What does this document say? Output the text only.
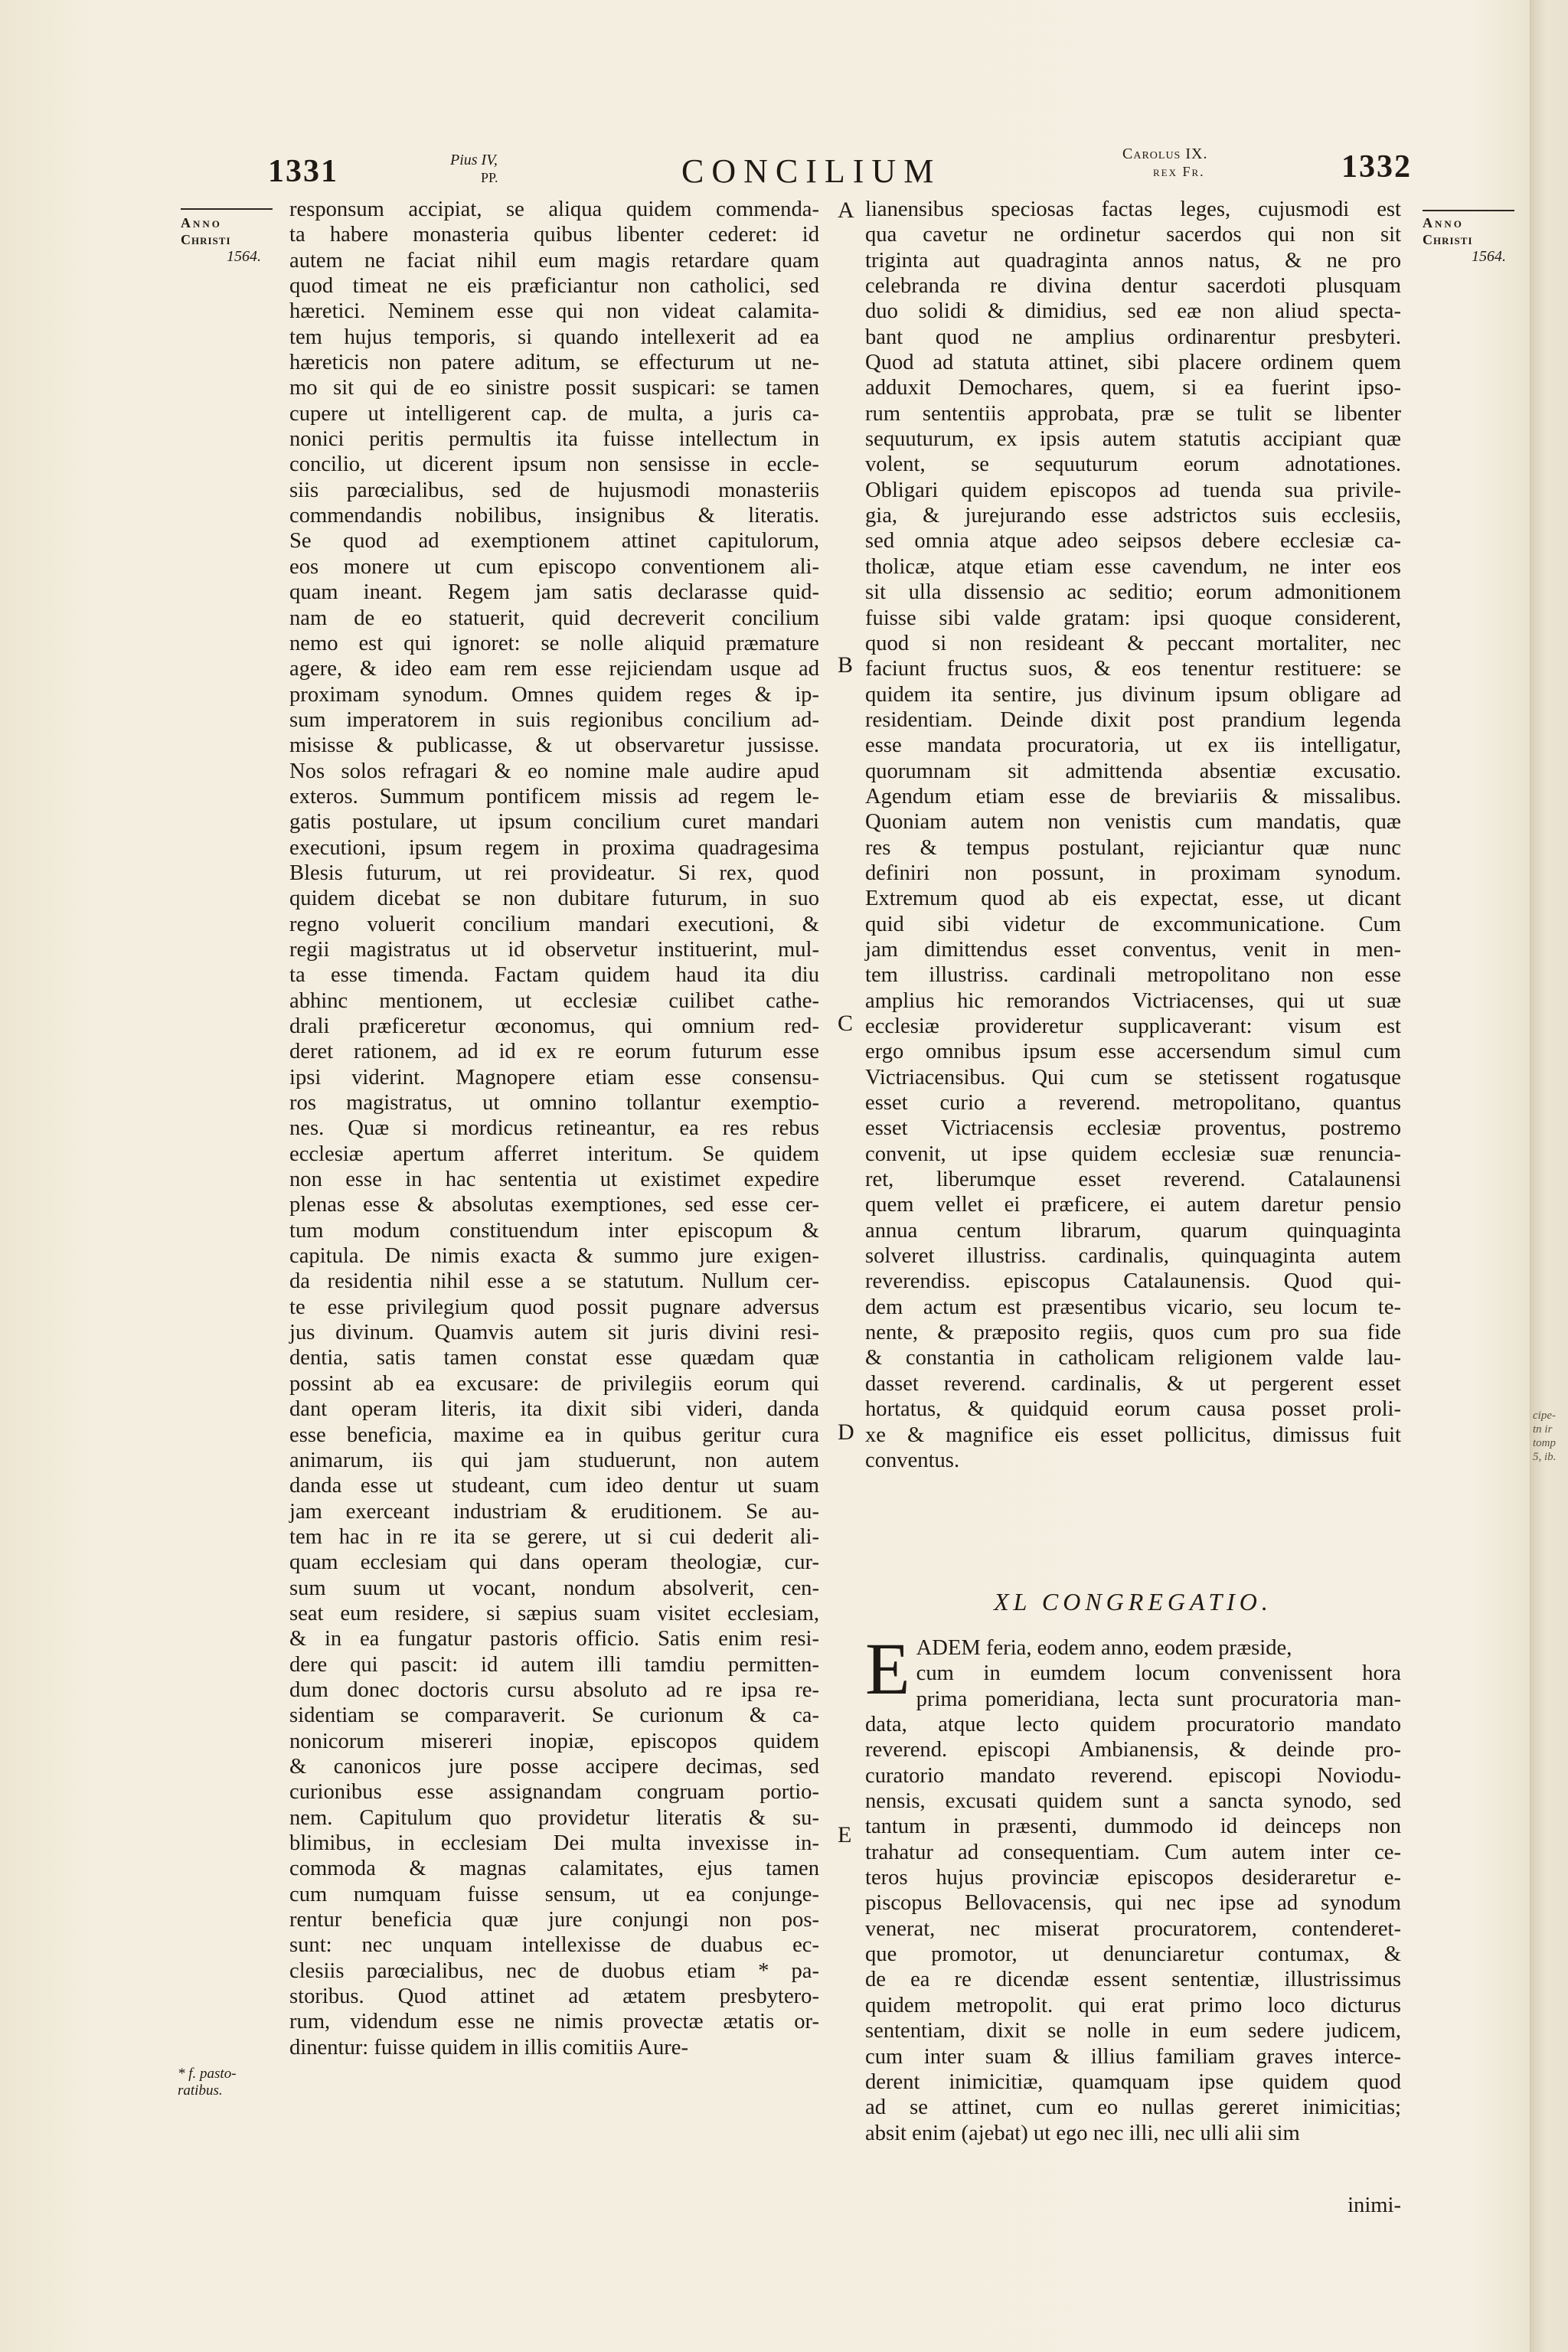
1331	Pius IV,
PP.	CONCILIUM	Carolus IX.
rex Fr.	1332
Anno
Christi
1564.
Anno
Christi
1564.
* f. pasto-
ratibus.
A
B
C
D
E
responsum accipiat, se aliqua quidem commenda-
ta habere monasteria quibus libenter cederet: id
autem ne faciat nihil eum magis retardare quam
quod timeat ne eis præficiantur non catholici, sed
hæretici. Neminem esse qui non videat calamita-
tem hujus temporis, si quando intellexerit ad ea
hæreticis non patere aditum, se effecturum ut ne-
mo sit qui de eo sinistre possit suspicari: se tamen
cupere ut intelligerent cap. de multa, a juris ca-
nonici peritis permultis ita fuisse intellectum in
concilio, ut dicerent ipsum non sensisse in eccle-
siis parœcialibus, sed de hujusmodi monasteriis
commendandis nobilibus, insignibus & literatis.
Se quod ad exemptionem attinet capitulorum,
eos monere ut cum episcopo conventionem ali-
quam ineant. Regem jam satis declarasse quid-
nam de eo statuerit, quid decreverit concilium
nemo est qui ignoret: se nolle aliquid præmature
agere, & ideo eam rem esse rejiciendam usque ad
proximam synodum. Omnes quidem reges & ip-
sum imperatorem in suis regionibus concilium ad-
misisse & publicasse, & ut observaretur jussisse.
Nos solos refragari & eo nomine male audire apud
exteros. Summum pontificem missis ad regem le-
gatis postulare, ut ipsum concilium curet mandari
executioni, ipsum regem in proxima quadragesima
Blesis futurum, ut rei provideatur. Si rex, quod
quidem dicebat se non dubitare futurum, in suo
regno voluerit concilium mandari executioni, &
regii magistratus ut id observetur instituerint, mul-
ta esse timenda. Factam quidem haud ita diu
abhinc mentionem, ut ecclesiæ cuilibet cathe-
drali præficeretur œconomus, qui omnium red-
deret rationem, ad id ex re eorum futurum esse
ipsi viderint. Magnopere etiam esse consensu-
ros magistratus, ut omnino tollantur exemptio-
nes. Quæ si mordicus retineantur, ea res rebus
ecclesiæ apertum afferret interitum. Se quidem
non esse in hac sententia ut existimet expedire
plenas esse & absolutas exemptiones, sed esse cer-
tum modum constituendum inter episcopum &
capitula. De nimis exacta & summo jure exigen-
da residentia nihil esse a se statutum. Nullum cer-
te esse privilegium quod possit pugnare adversus
jus divinum. Quamvis autem sit juris divini resi-
dentia, satis tamen constat esse quædam quæ
possint ab ea excusare: de privilegiis eorum qui
dant operam literis, ita dixit sibi videri, danda
esse beneficia, maxime ea in quibus geritur cura
animarum, iis qui jam studuerunt, non autem
danda esse ut studeant, cum ideo dentur ut suam
jam exerceant industriam & eruditionem. Se au-
tem hac in re ita se gerere, ut si cui dederit ali-
quam ecclesiam qui dans operam theologiæ, cur-
sum suum ut vocant, nondum absolverit, cen-
seat eum residere, si sæpius suam visitet ecclesiam,
& in ea fungatur pastoris officio. Satis enim resi-
dere qui pascit: id autem illi tamdiu permitten-
dum donec doctoris cursu absoluto ad re ipsa re-
sidentiam se comparaverit. Se curionum & ca-
nonicorum misereri inopiæ, episcopos quidem
& canonicos jure posse accipere decimas, sed
curionibus esse assignandam congruam portio-
nem. Capitulum quo providetur literatis & su-
blimibus, in ecclesiam Dei multa invexisse in-
commoda & magnas calamitates, ejus tamen
cum numquam fuisse sensum, ut ea conjunge-
rentur beneficia quæ jure conjungi non pos-
sunt: nec unquam intellexisse de duabus ec-
clesiis parœcialibus, nec de duobus etiam * pa-
storibus. Quod attinet ad ætatem presbytero-
rum, videndum esse ne nimis provectæ ætatis or-
dinentur: fuisse quidem in illis comitiis Aure-
lianensibus speciosas factas leges, cujusmodi est
qua cavetur ne ordinetur sacerdos qui non sit
triginta aut quadraginta annos natus, & ne pro
celebranda re divina dentur sacerdoti plusquam
duo solidi & dimidius, sed eæ non aliud specta-
bant quod ne amplius ordinarentur presbyteri.
Quod ad statuta attinet, sibi placere ordinem quem
adduxit Demochares, quem, si ea fuerint ipso-
rum sententiis approbata, præ se tulit se libenter
sequuturum, ex ipsis autem statutis accipiant quæ
volent, se sequuturum eorum adnotationes.
Obligari quidem episcopos ad tuenda sua privile-
gia, & jurejurando esse adstrictos suis ecclesiis,
sed omnia atque adeo seipsos debere ecclesiæ ca-
tholicæ, atque etiam esse cavendum, ne inter eos
sit ulla dissensio ac seditio; eorum admonitionem
fuisse sibi valde gratam: ipsi quoque considerent,
quod si non resideant & peccant mortaliter, nec
faciunt fructus suos, & eos tenentur restituere: se
quidem ita sentire, jus divinum ipsum obligare ad
residentiam. Deinde dixit post prandium legenda
esse mandata procuratoria, ut ex iis intelligatur,
quorumnam sit admittenda absentiæ excusatio.
Agendum etiam esse de breviariis & missalibus.
Quoniam autem non venistis cum mandatis, quæ
res & tempus postulant, rejiciantur quæ nunc
definiri non possunt, in proximam synodum.
Extremum quod ab eis expectat, esse, ut dicant
quid sibi videtur de excommunicatione. Cum
jam dimittendus esset conventus, venit in men-
tem illustriss. cardinali metropolitano non esse
amplius hic remorandos Victriacenses, qui ut suæ
ecclesiæ provideretur supplicaverant: visum est
ergo omnibus ipsum esse accersendum simul cum
Victriacensibus. Qui cum se stetissent rogatusque
esset curio a reverend. metropolitano, quantus
esset Victriacensis ecclesiæ proventus, postremo
convenit, ut ipse quidem ecclesiæ suæ renuncia-
ret, liberumque esset reverend. Catalaunensi
quem vellet ei præficere, ei autem daretur pensio
annua centum librarum, quarum quinquaginta
solveret illustriss. cardinalis, quinquaginta autem
reverendiss. episcopus Catalaunensis. Quod qui-
dem actum est præsentibus vicario, seu locum te-
nente, & præposito regiis, quos cum pro sua fide
& constantia in catholicam religionem valde lau-
dasset reverend. cardinalis, & ut pergerent esset
hortatus, & quidquid eorum causa posset proli-
xe & magnifice eis esset pollicitus, dimissus fuit
conventus.
XL CONGREGATIO.
E ADEM feria, eodem anno, eodem præside,
cum in eumdem locum convenissent hora
prima pomeridiana, lecta sunt procuratoria man-
data, atque lecto quidem procuratorio mandato
reverend. episcopi Ambianensis, & deinde pro-
curatorio mandato reverend. episcopi Noviodu-
nensis, excusati quidem sunt a sancta synodo, sed
tantum in præsenti, dummodo id deinceps non
trahatur ad consequentiam. Cum autem inter ce-
teros hujus provinciæ episcopos desideraretur e-
piscopus Bellovacensis, qui nec ipse ad synodum
venerat, nec miserat procuratorem, contenderet-
que promotor, ut denunciaretur contumax, &
de ea re dicendæ essent sententiæ, illustrissimus
quidem metropolit. qui erat primo loco dicturus
sententiam, dixit se nolle in eum sedere judicem,
cum inter suam & illius familiam graves interce-
derent inimicitiæ, quamquam ipse quidem quod
ad se attinet, cum eo nullas gereret inimicitias;
absit enim (ajebat) ut ego nec illi, nec ulli alii sim
inimi-
cipe-
tn ir
tomp
5, ib.
